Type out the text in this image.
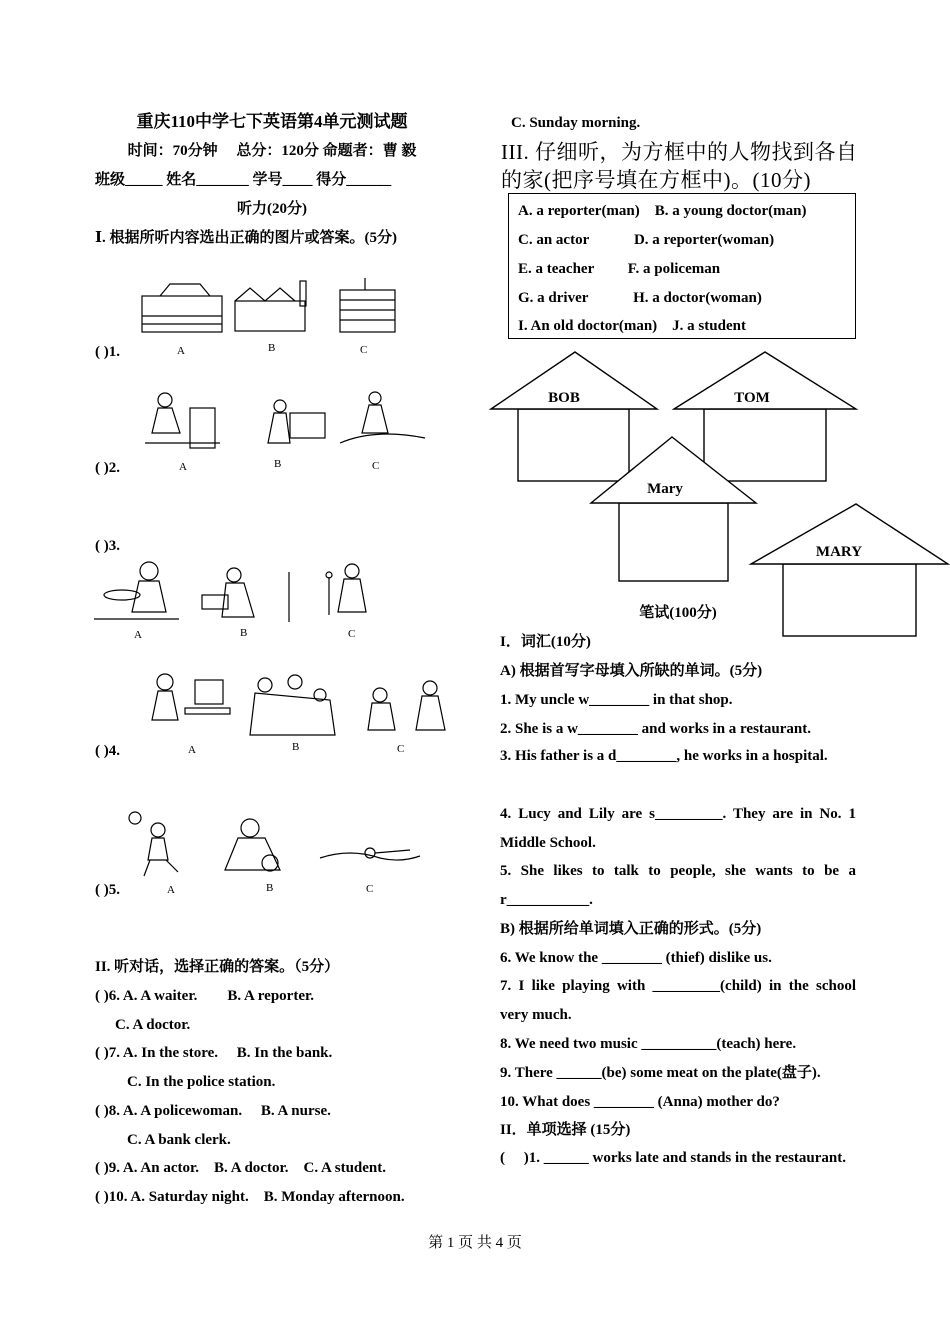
重庆110中学七下英语第4单元测试题
时间：70分钟　 总分：120分 命题者：曹 毅
班级_____ 姓名_______ 学号____ 得分______
听力(20分)
Ⅰ. 根据所听内容选出正确的图片或答案。(5分)
( )1.	A	B	C
( )2.	A	B	C
( )3.
A	B	C
( )4.	A	B	C
( )5.	A	B	C
II. 听对话，选择正确的答案。（5分）
( )6. A. A waiter.　　B. A reporter.
C. A doctor.
( )7. A. In the store.　 B. In the bank.
C. In the police station.
( )8. A. A policewoman.　 B. A nurse.
C. A bank clerk.
( )9. A. An actor.　B. A doctor.　C. A student.
( )10. A. Saturday night.　B. Monday afternoon.
C. Sunday morning.
III. 仔细听，为方框中的人物找到各自的家(把序号填在方框中)。(10分)
A. a reporter(man)　B. a young doctor(man)
C. an actor　　　D. a reporter(woman)
E. a teacher　　 F. a policeman
G. a driver　　　H. a doctor(woman)
I. An old doctor(man)　J. a student
BOB	TOM
Mary
MARY
笔试(100分)
I．词汇(10分)
A) 根据首写字母填入所缺的单词。(5分)
1. My uncle w________ in that shop.
2. She is a w________ and works in a restaurant.
3. His father is a d________, he works in a hospital.
4. Lucy and Lily are s_________. They are in No. 1 Middle School.
5. She likes to talk to people, she wants to be a r___________.
B) 根据所给单词填入正确的形式。(5分)
6. We know the ________ (thief) dislike us.
7. I like playing with _________(child) in the school very much.
8. We need two music __________(teach) here.
9. There ______(be) some meat on the plate(盘子).
10. What does ________ (Anna) mother do?
II．单项选择 (15分)
( 　)1. ______ works late and stands in the restaurant.
第 1 页 共 4 页
